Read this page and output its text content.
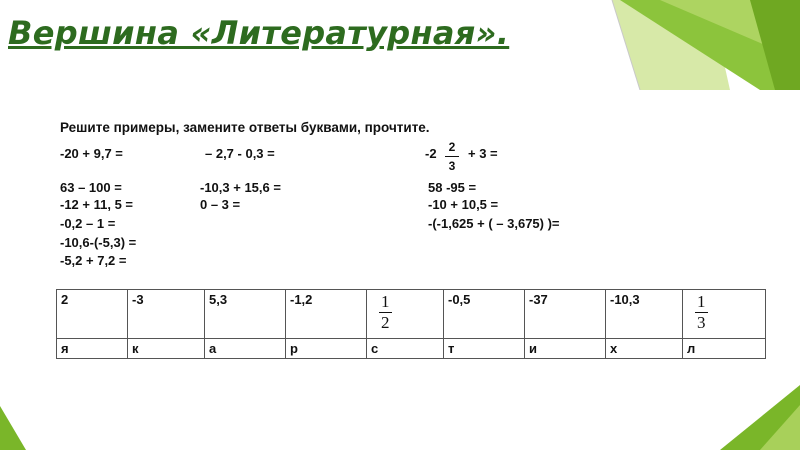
Вершина «Литературная».
Решите примеры, замените ответы буквами, прочтите.
-20 + 9,7 =
63 – 100 =
-12 + 11, 5 =
-0,2 – 1 =
-10,6-(-5,3) =
-5,2 + 7,2 =
– 2,7 - 0,3 =
-10,3 + 15,6 =
0 – 3 =
-2	2
3
+ 3 =
58 -95 =
-10 + 10,5 =
-(-1,625 + ( – 3,675) )=
2	-3	5,3	-1,2	$\frac{1}{2}$	-0,5	-37	-10,3	$\frac{1}{3}$

я	к	а	р	с	т	и	х	л
